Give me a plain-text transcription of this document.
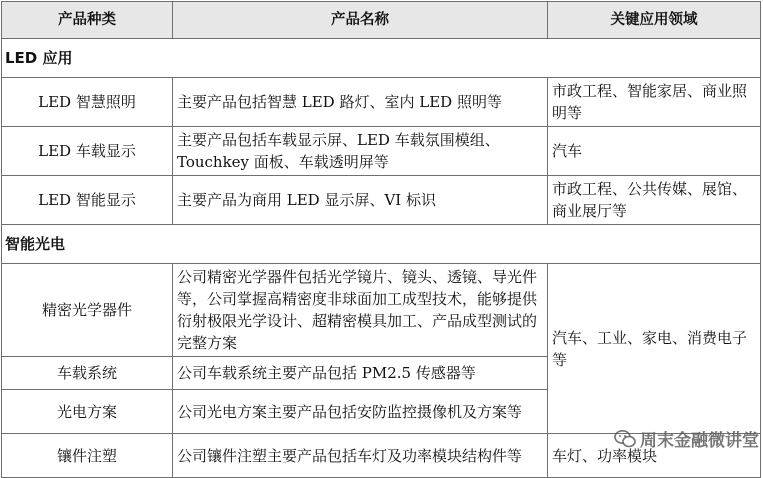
产品种类	产品名称	关键应用领域
LED 应用		
LED 智慧照明	主要产品包括智慧 LED 路灯、室内 LED 照明等	市政工程、智能家居、商业照明等
LED 车载显示	主要产品包括车载显示屏、LED 车载氛围模组、Touchkey 面板、车载透明屏等	汽车
LED 智能显示	主要产品为商用 LED 显示屏、VI 标识	市政工程、公共传媒、展馆、商业展厅等
智能光电		
精密光学器件	公司精密光学器件包括光学镜片、镜头、透镜、导光件等，公司掌握高精密度非球面加工成型技术，能够提供衍射极限光学设计、超精密模具加工、产品成型测试的完整方案	汽车、工业、家电、消费电子等
车载系统	公司车载系统主要产品包括 PM2.5 传感器等	
光电方案	公司光电方案主要产品包括安防监控摄像机及方案等	
镶件注塑	公司镶件注塑主要产品包括车灯及功率模块结构件等	车灯、功率模块
周末金融微讲堂
